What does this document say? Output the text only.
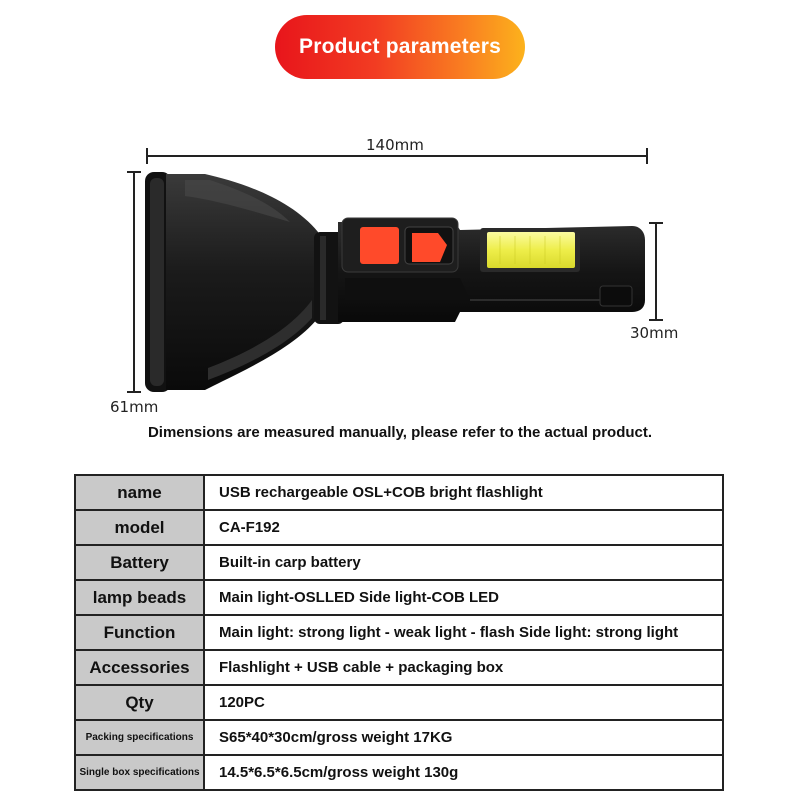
Product parameters
140mm
61mm
30mm
Dimensions are measured manually, please refer to the actual product.
name	USB rechargeable OSL+COB bright flashlight
model	CA-F192
Battery	Built-in carp battery
lamp beads	Main light-OSLLED Side light-COB LED
Function	Main light: strong light - weak light - flash Side light: strong light
Accessories	Flashlight + USB cable + packaging box
Qty	120PC
Packing specifications	S65*40*30cm/gross weight 17KG
Single box specifications	14.5*6.5*6.5cm/gross weight 130g
